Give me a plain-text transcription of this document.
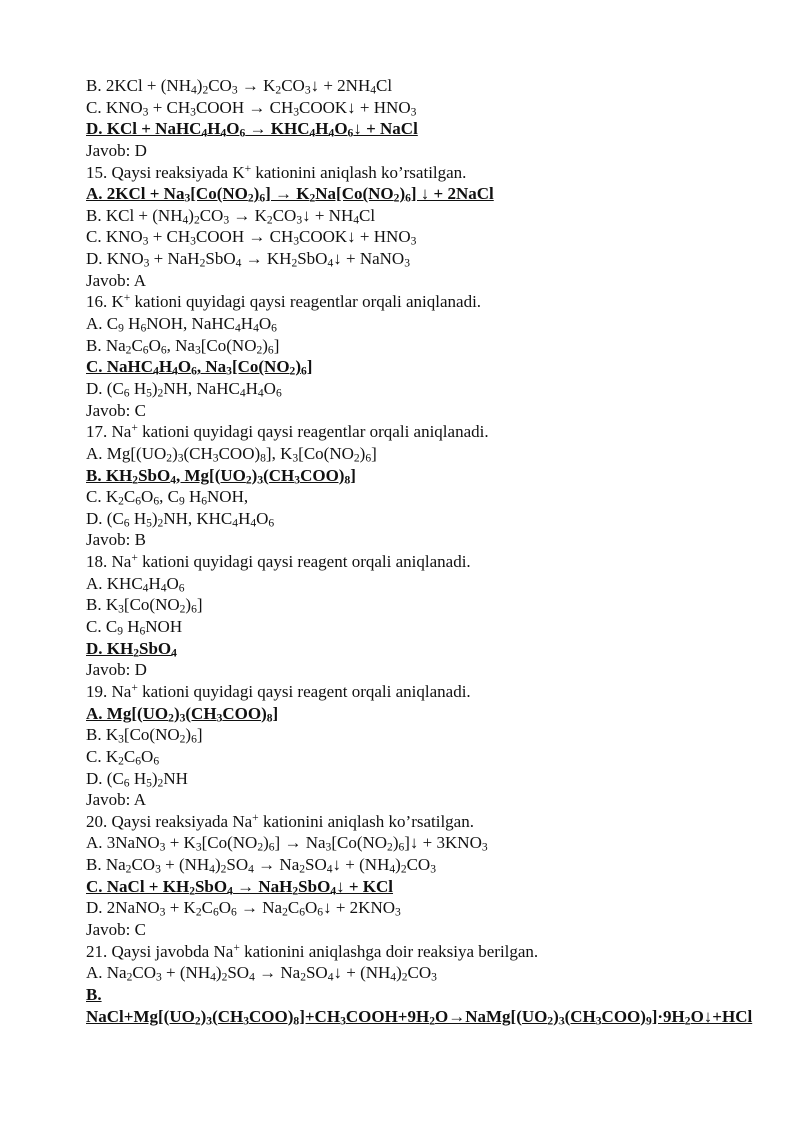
B. $2KCl + (NH_4)_2CO_3$ → $K_2CO_3↓ + 2NH_4Cl$
C. $KNO_3$ + $CH_3COOH$ → $CH_3COOK↓ + HNO_3$
D. KCl + $NaHC_4H_4O_6$ → $KHC_4H_4O_6↓$ + NaCl
Javob: D
15. Qaysi reaksiyada K+ kationini aniqlash ko’rsatilgan.
A. $2KCl + Na_3[Co(NO_2)_6] \to K_2Na[Co(NO_2)_6]$ ↓ + 2NaCl
B. KCl + $(NH_4)_2CO_3$ → $K_2CO_3↓ + NH_4Cl$
C. $KNO_3$ + $CH_3COOH$ → $CH_3COOK↓ + HNO_3$
D. $KNO_3 + NaH_2SbO_4$ → $KH_2SbO_4↓$ + NaNO$_3$
Javob: A
16. K+ kationi quyidagi qaysi reagentlar orqali aniqlanadi.
A. $C_9$ $H_6NOH$, $NaHC_4H_4O_6$
B. $Na_2C_6O_6$, $Na_3[Co(NO_2)_6]$
C. $NaHC_4H_4O_6$, $Na_3[Co(NO_2)_6]$
D. ($C_6$ $H_5)_2NH$, $NaHC_4H_4O_6$
Javob: C
17. Na+ kationi quyidagi qaysi reagentlar orqali aniqlanadi.
A. $Mg[(UO_2)_3(CH_3COO)_8]$, $K_3[Co(NO_2)_6]$
B. $KH_2SbO_4$, $Mg[(UO_2)_3(CH_3COO)_8]$
C. $K_2C_6O_6$, $C_9$ $H_6NOH$,
D. ($C_6$ $H_5)_2NH$, $KHC_4H_4O_6$
Javob: B
18. Na+ kationi quyidagi qaysi reagent orqali aniqlanadi.
A. $KHC_4H_4O_6$
B. $K_3[Co(NO_2)_6]$
C. $C_9$ $H_6NOH$
D. $KH_2SbO_4$
Javob: D
19. Na+ kationi quyidagi qaysi reagent orqali aniqlanadi.
A. $Mg[(UO_2)_3(CH_3COO)_8]$
B. $K_3[Co(NO_2)_6]$
C. $K_2C_6O_6$
D. ($C_6$ $H_5)_2NH$
Javob: A
20. Qaysi reaksiyada Na+ kationini aniqlash ko’rsatilgan.
A. 3NaNO$_3$ + $K_3[Co(NO_2)_6]$ → $Na_3[Co(NO_2)_6]↓ + 3KNO_3$
B. $Na_2CO_3 + (NH_4)_2SO_4$ → $Na_2SO_4↓ + (NH_4)_2CO_3$
C. NaCl + $KH_2SbO_4$ → NaH$_2$SbO$_4$↓ + KCl
D. 2NaNO$_3$ + $K_2C_6O_6$ → $Na_2C_6O_6↓ + 2KNO_3$
Javob: C
21. Qaysi javobda Na+ kationini aniqlashga doir reaksiya berilgan.
A. $Na_2CO_3 + (NH_4)_2SO_4$ → $Na_2SO_4↓ + (NH_4)_2CO_3$
B.
$NaCl+Mg[(UO_2)_3(CH_3COO)_8]+CH_3COOH+9H_2O\to NaMg[(UO_2)_3(CH_3COO)_9]\cdot 9H_2O↓+HCl$
